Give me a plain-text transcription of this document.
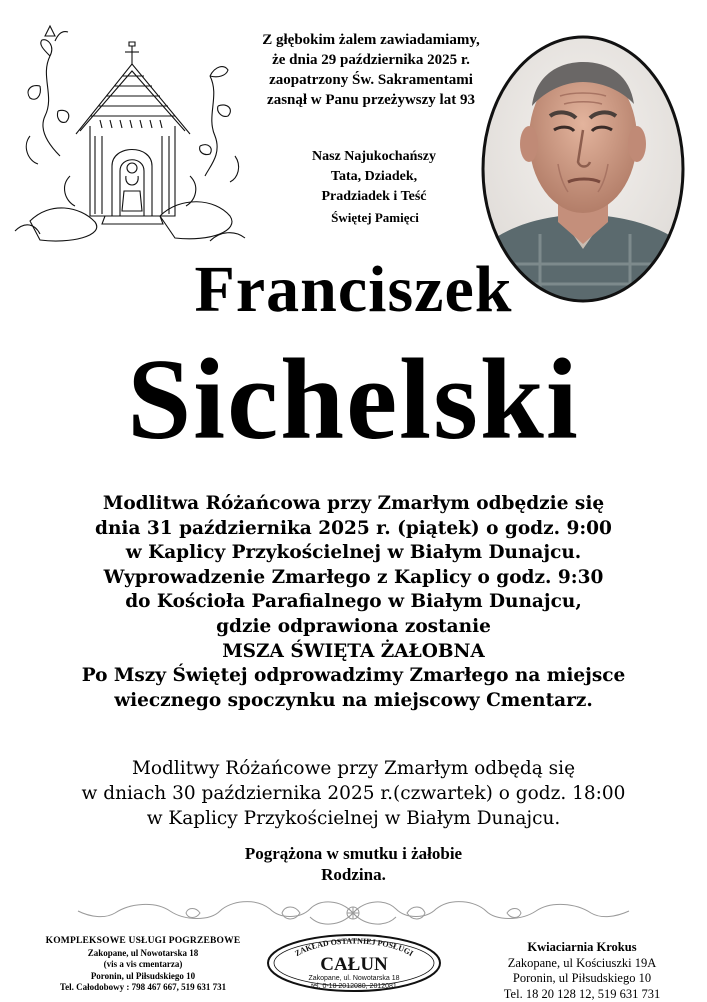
Z głębokim żalem zawiadamiamy,
że dnia 29 października 2025 r.
zaopatrzony Św. Sakramentami
zasnął w Panu przeżywszy lat 93
Nasz Najukochańszy
Tata, Dziadek,
Pradziadek i Teść
Świętej Pamięci
Franciszek
Sichelski
Modlitwa Różańcowa przy Zmarłym odbędzie się
dnia 31 października 2025 r. (piątek) o godz. 9:00
w Kaplicy Przykościelnej w Białym Dunajcu.
Wyprowadzenie Zmarłego z Kaplicy o godz. 9:30
do Kościoła Parafialnego w Białym Dunajcu,
gdzie odprawiona zostanie
MSZA ŚWIĘTA ŻAŁOBNA
Po Mszy Świętej odprowadzimy Zmarłego na miejsce
wiecznego spoczynku na miejscowy Cmentarz.
Modlitwy Różańcowe przy Zmarłym odbędą się
w dniach 30 października 2025 r.(czwartek) o godz. 18:00
w Kaplicy Przykościelnej w Białym Dunajcu.
Pogrążona w smutku i żałobie
Rodzina.
KOMPLEKSOWE USŁUGI POGRZEBOWE
Zakopane, ul Nowotarska 18
(vis a vis cmentarza)
Poronin, ul Piłsudskiego 10
Tel. Całodobowy : 798 467 667, 519 631 731
ZAKŁAD OSTATNIEJ POSŁUGI
CAŁUN
Zakopane, ul. Nowotarska 18
tel. 0-18 2012080, 2012081
Kwiaciarnia Krokus
Zakopane, ul Kościuszki 19A
Poronin, ul Piłsudskiego 10
Tel. 18 20 128 12, 519 631 731
